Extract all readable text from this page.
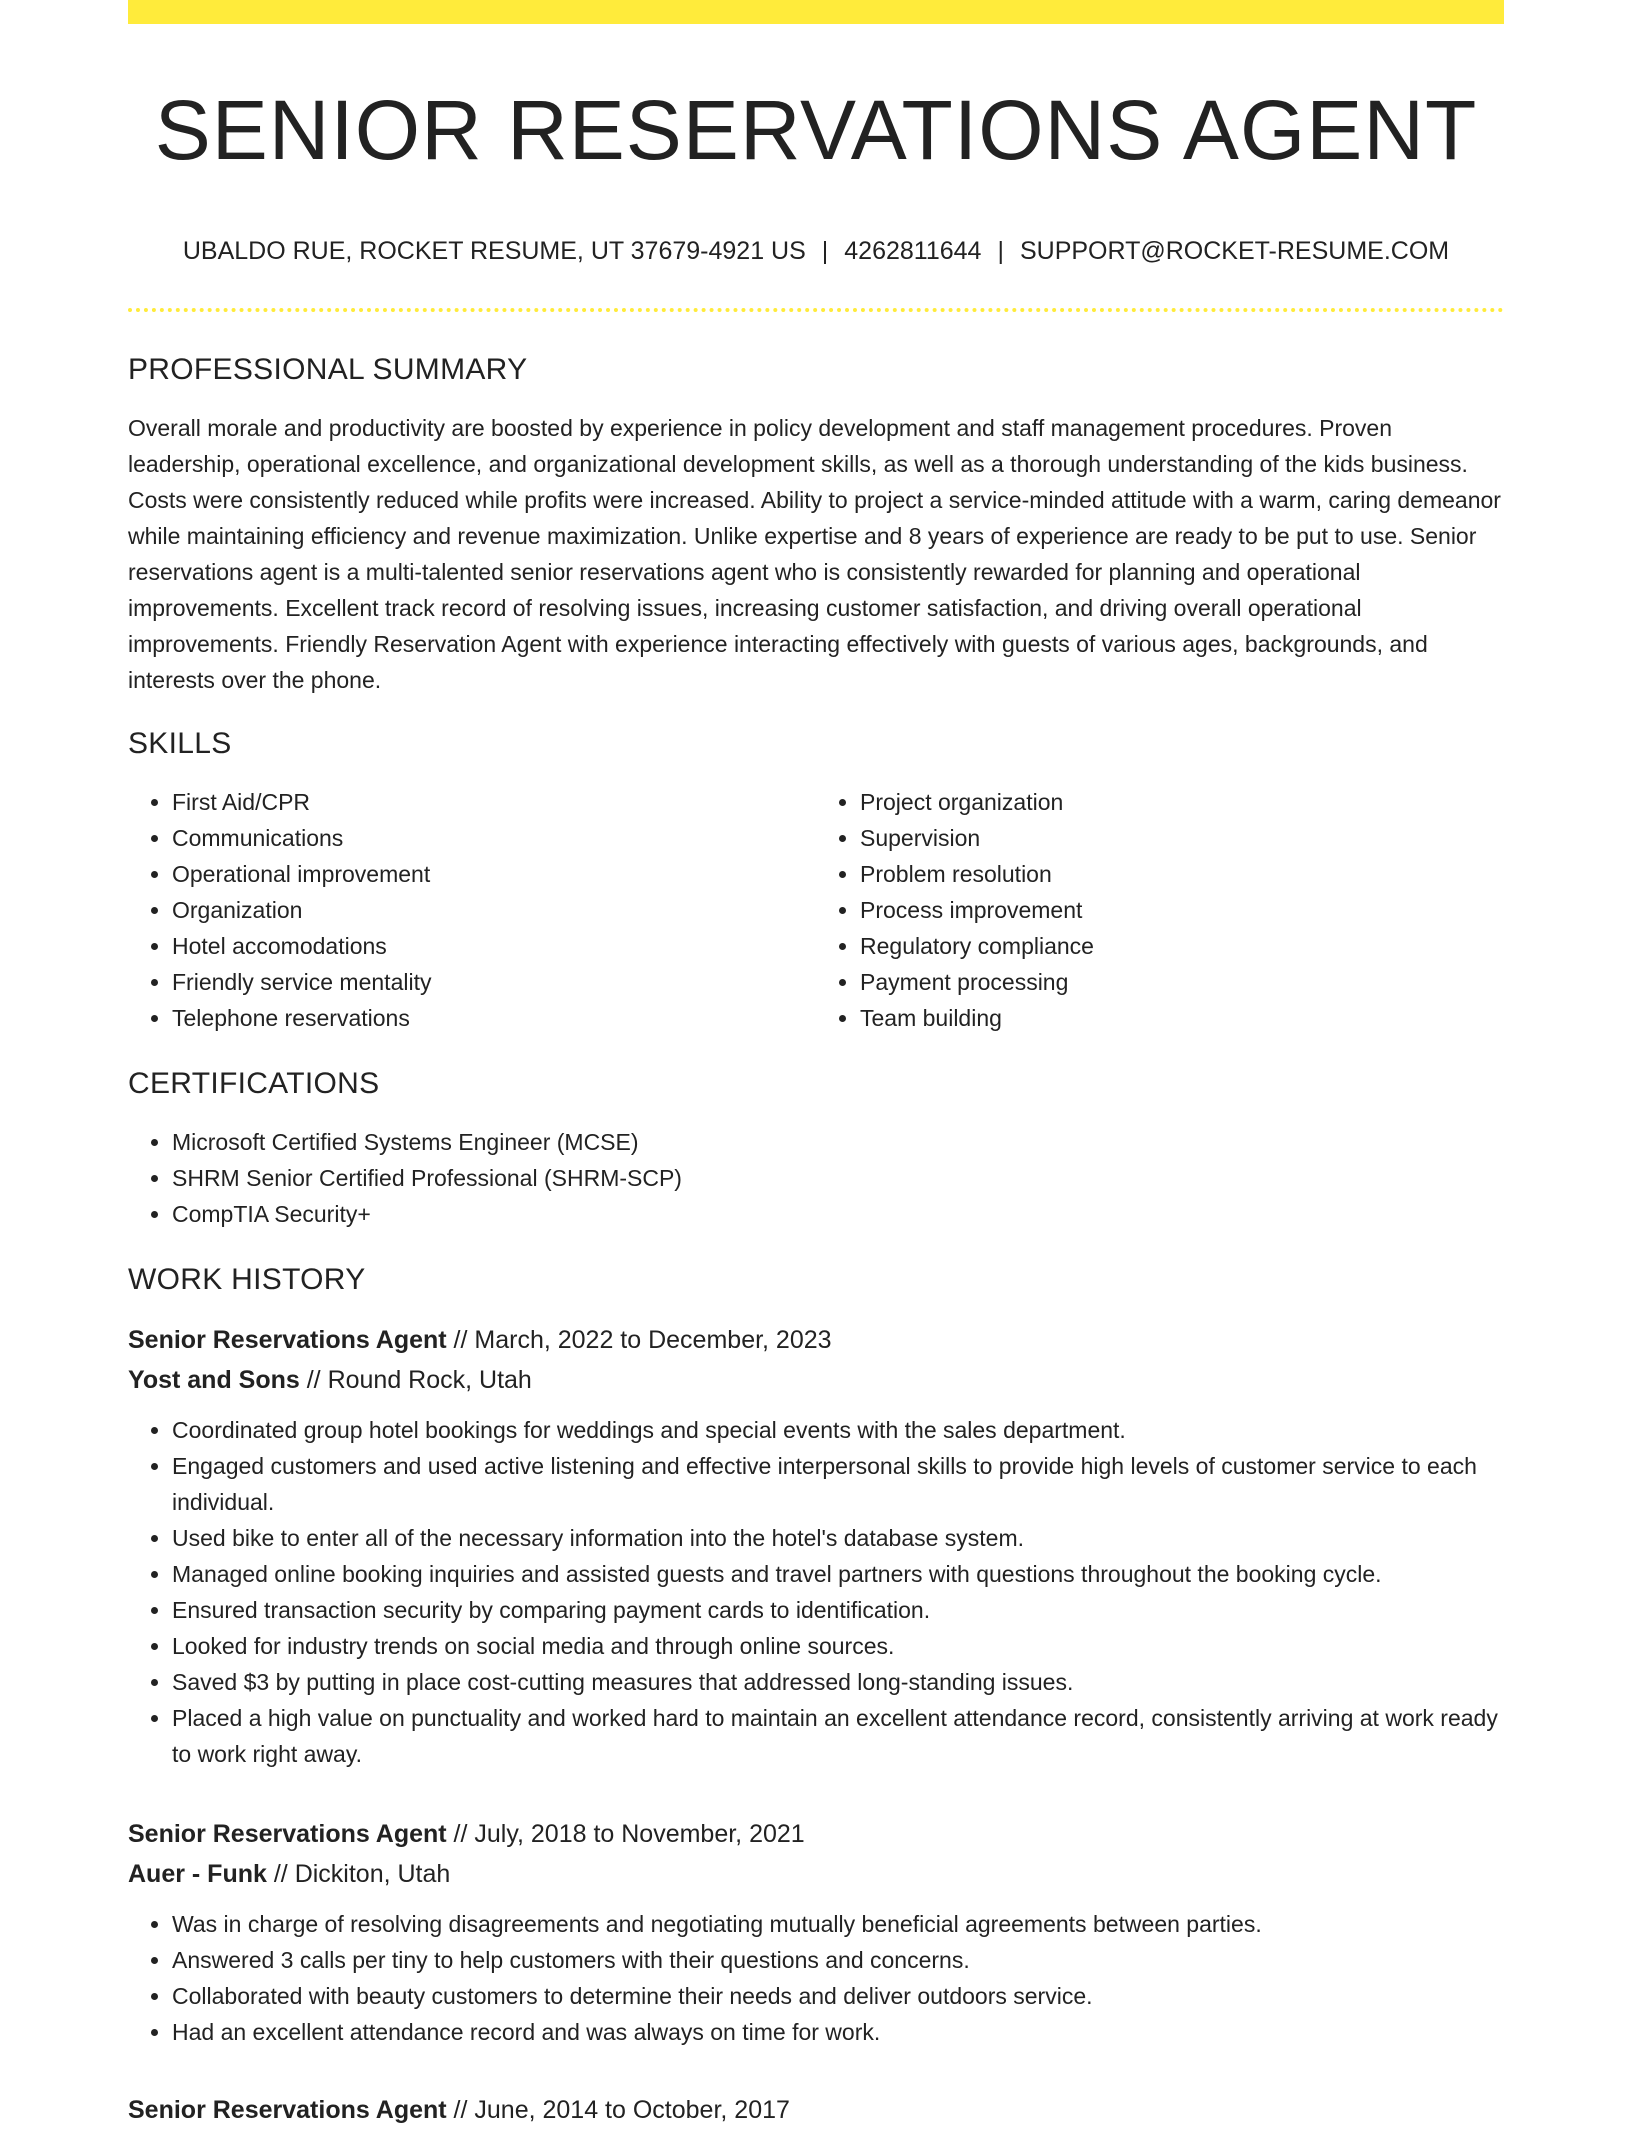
SENIOR RESERVATIONS AGENT
UBALDO RUE, ROCKET RESUME, UT 37679-4921 US | 4262811644 | SUPPORT@ROCKET-RESUME.COM
PROFESSIONAL SUMMARY
Overall morale and productivity are boosted by experience in policy development and staff management procedures. Proven leadership, operational excellence, and organizational development skills, as well as a thorough understanding of the kids business. Costs were consistently reduced while profits were increased. Ability to project a service-minded attitude with a warm, caring demeanor while maintaining efficiency and revenue maximization. Unlike expertise and 8 years of experience are ready to be put to use. Senior reservations agent is a multi-talented senior reservations agent who is consistently rewarded for planning and operational improvements. Excellent track record of resolving issues, increasing customer satisfaction, and driving overall operational improvements. Friendly Reservation Agent with experience interacting effectively with guests of various ages, backgrounds, and interests over the phone.
SKILLS
• First Aid/CPR
• Communications
• Operational improvement
• Organization
• Hotel accomodations
• Friendly service mentality
• Telephone reservations
• Project organization
• Supervision
• Problem resolution
• Process improvement
• Regulatory compliance
• Payment processing
• Team building
CERTIFICATIONS
• Microsoft Certified Systems Engineer (MCSE)
• SHRM Senior Certified Professional (SHRM-SCP)
• CompTIA Security+
WORK HISTORY
Senior Reservations Agent // March, 2022 to December, 2023
Yost and Sons // Round Rock, Utah
• Coordinated group hotel bookings for weddings and special events with the sales department.
• Engaged customers and used active listening and effective interpersonal skills to provide high levels of customer service to each individual.
• Used bike to enter all of the necessary information into the hotel's database system.
• Managed online booking inquiries and assisted guests and travel partners with questions throughout the booking cycle.
• Ensured transaction security by comparing payment cards to identification.
• Looked for industry trends on social media and through online sources.
• Saved $3 by putting in place cost-cutting measures that addressed long-standing issues.
• Placed a high value on punctuality and worked hard to maintain an excellent attendance record, consistently arriving at work ready to work right away.
Senior Reservations Agent // July, 2018 to November, 2021
Auer - Funk // Dickiton, Utah
• Was in charge of resolving disagreements and negotiating mutually beneficial agreements between parties.
• Answered 3 calls per tiny to help customers with their questions and concerns.
• Collaborated with beauty customers to determine their needs and deliver outdoors service.
• Had an excellent attendance record and was always on time for work.
Senior Reservations Agent // June, 2014 to October, 2017
